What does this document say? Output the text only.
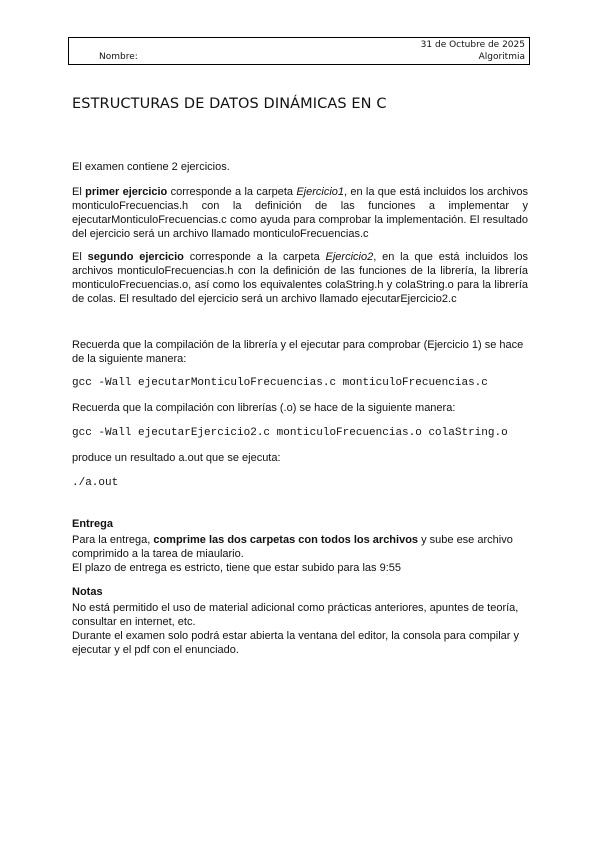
31 de Octubre de 2025
Nombre:	Algoritmia
ESTRUCTURAS DE DATOS DINÁMICAS EN C

El examen contiene 2 ejercicios.

El primer ejercicio corresponde a la carpeta Ejercicio1, en la que está incluidos los archivos monticuloFrecuencias.h con la definición de las funciones a implementar y ejecutarMonticuloFrecuencias.c como ayuda para comprobar la implementación. El resultado del ejercicio será un archivo llamado monticuloFrecuencias.c

El segundo ejercicio corresponde a la carpeta Ejercicio2, en la que está incluidos los archivos monticuloFrecuencias.h con la definición de las funciones de la librería, la librería monticuloFrecuencias.o, así como los equivalentes colaString.h y colaString.o para la librería de colas. El resultado del ejercicio será un archivo llamado ejecutarEjercicio2.c

Recuerda que la compilación de la librería y el ejecutar para comprobar (Ejercicio 1) se hace de la siguiente manera:

gcc -Wall ejecutarMonticuloFrecuencias.c monticuloFrecuencias.c

Recuerda que la compilación con librerías (.o) se hace de la siguiente manera:

gcc -Wall ejecutarEjercicio2.c monticuloFrecuencias.o colaString.o

produce un resultado a.out que se ejecuta:

./a.out

Entrega

Para la entrega, comprime las dos carpetas con todos los archivos y sube ese archivo comprimido a la tarea de miaulario.

El plazo de entrega es estricto, tiene que estar subido para las 9:55

Notas

No está permitido el uso de material adicional como prácticas anteriores, apuntes de teoría, consultar en internet, etc.

Durante el examen solo podrá estar abierta la ventana del editor, la consola para compilar y ejecutar y el pdf con el enunciado.
